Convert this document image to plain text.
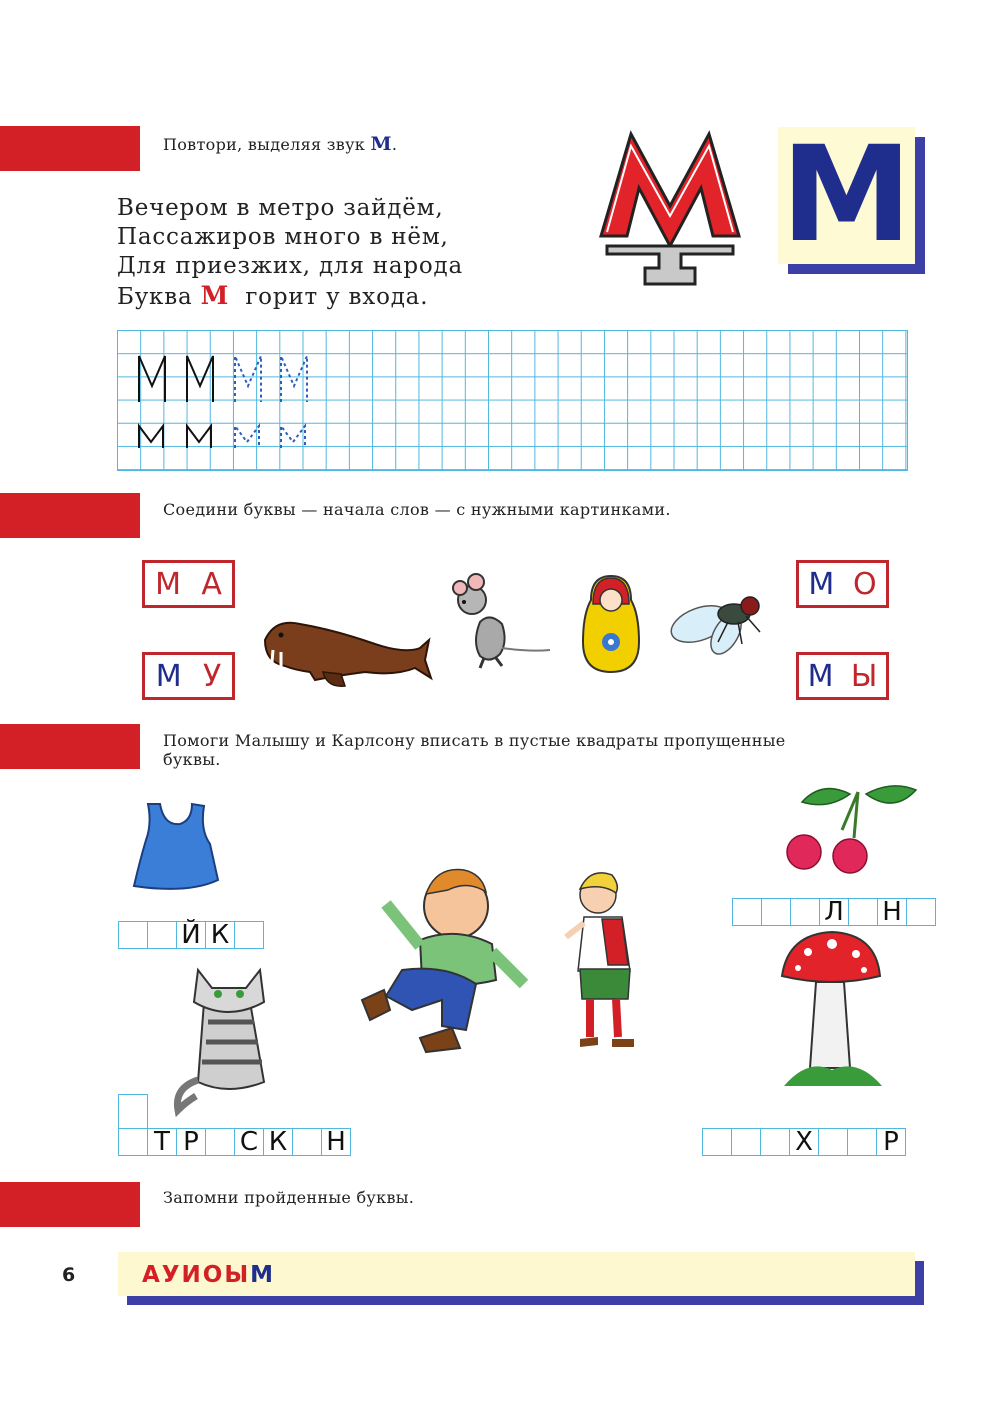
Повтори, выделяя звук М.
Вечером в метро зайдём,
Пассажиров много в нём,
Для приезжих, для народа
Буква М горит у входа.
М
Соедини буквы — начала слов — с нужными картинками.
М А
М У
М О
М Ы
Помоги Малышу и Карлсону вписать в пустые квадраты пропущенные
буквы.
Й К
Л Н
Т Р С К Н	Х	Р
Запомни пройденные буквы.
6	АУИОЫМ
